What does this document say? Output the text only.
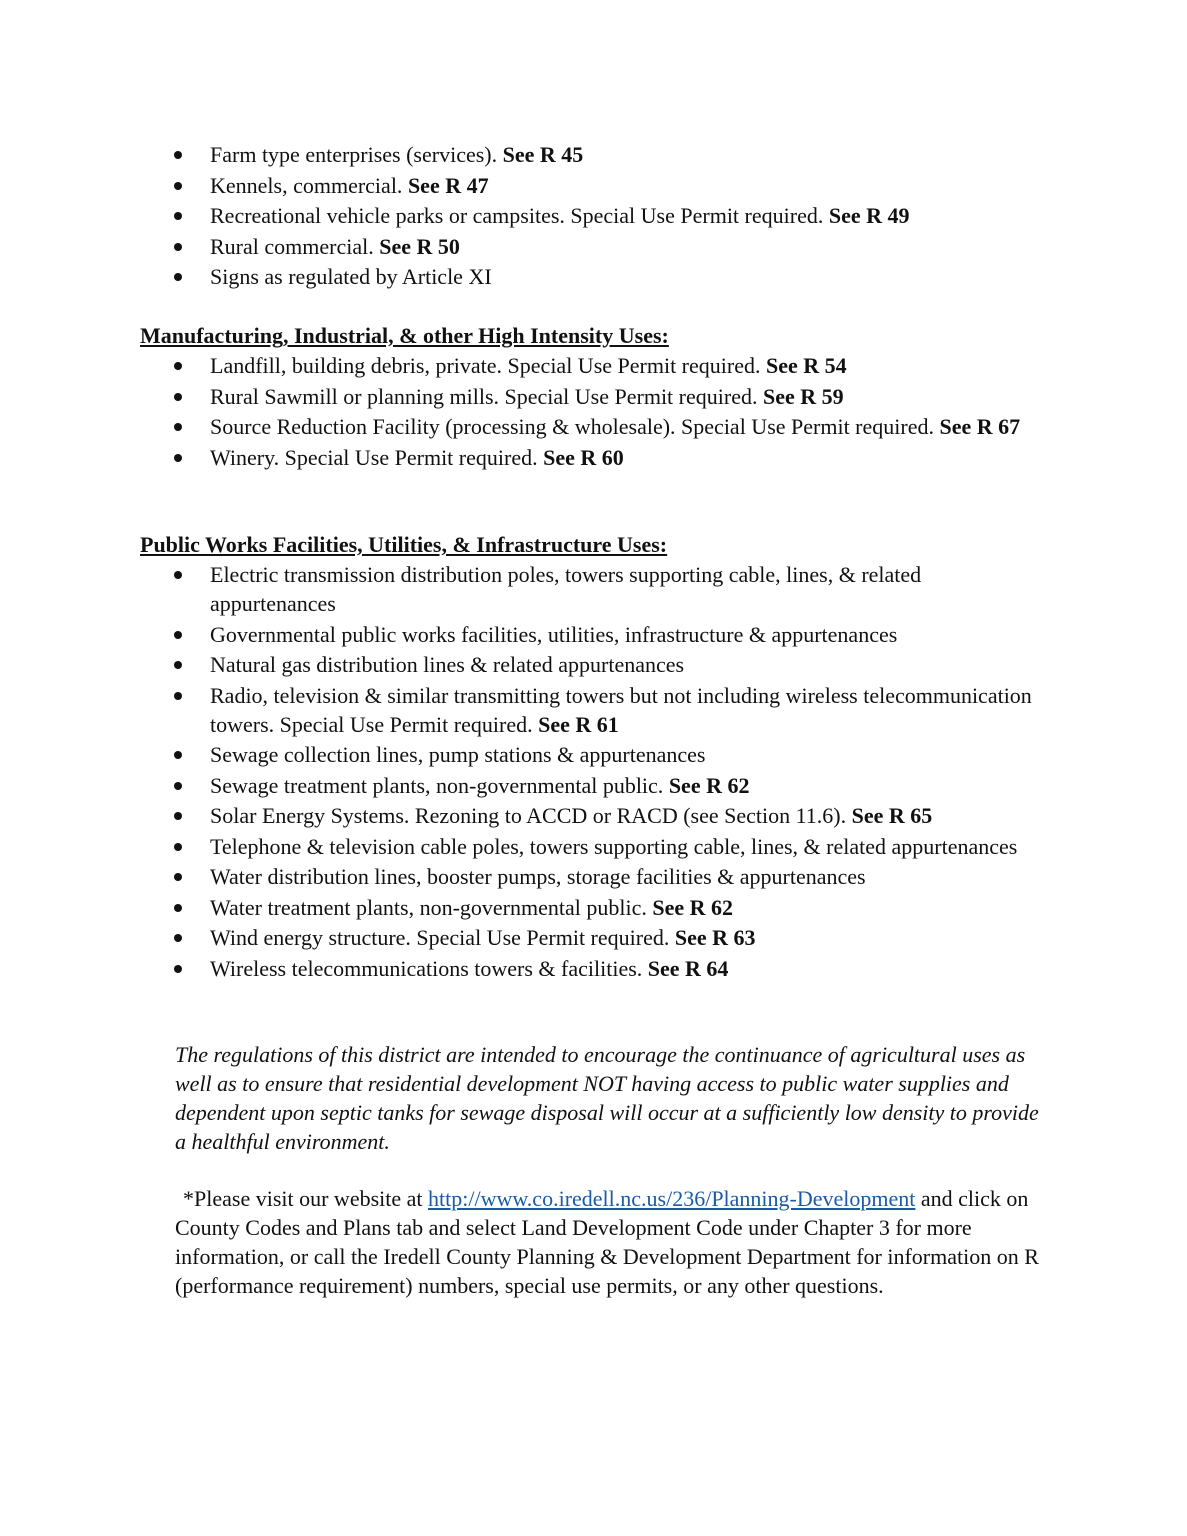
Farm type enterprises (services). See R 45
Kennels, commercial. See R 47
Recreational vehicle parks or campsites. Special Use Permit required. See R 49
Rural commercial. See R 50
Signs as regulated by Article XI
Manufacturing, Industrial, & other High Intensity Uses:
Landfill, building debris, private. Special Use Permit required. See R 54
Rural Sawmill or planning mills. Special Use Permit required. See R 59
Source Reduction Facility (processing & wholesale). Special Use Permit required. See R 67
Winery. Special Use Permit required. See R 60
Public Works Facilities, Utilities, & Infrastructure Uses:
Electric transmission distribution poles, towers supporting cable, lines, & related appurtenances
Governmental public works facilities, utilities, infrastructure & appurtenances
Natural gas distribution lines & related appurtenances
Radio, television & similar transmitting towers but not including wireless telecommunication towers. Special Use Permit required. See R 61
Sewage collection lines, pump stations & appurtenances
Sewage treatment plants, non-governmental public. See R 62
Solar Energy Systems. Rezoning to ACCD or RACD (see Section 11.6). See R 65
Telephone & television cable poles, towers supporting cable, lines, & related appurtenances
Water distribution lines, booster pumps, storage facilities & appurtenances
Water treatment plants, non-governmental public. See R 62
Wind energy structure. Special Use Permit required. See R 63
Wireless telecommunications towers & facilities. See R 64
The regulations of this district are intended to encourage the continuance of agricultural uses as well as to ensure that residential development NOT having access to public water supplies and dependent upon septic tanks for sewage disposal will occur at a sufficiently low density to provide a healthful environment.
*Please visit our website at http://www.co.iredell.nc.us/236/Planning-Development and click on County Codes and Plans tab and select Land Development Code under Chapter 3 for more information, or call the Iredell County Planning & Development Department for information on R (performance requirement) numbers, special use permits, or any other questions.
